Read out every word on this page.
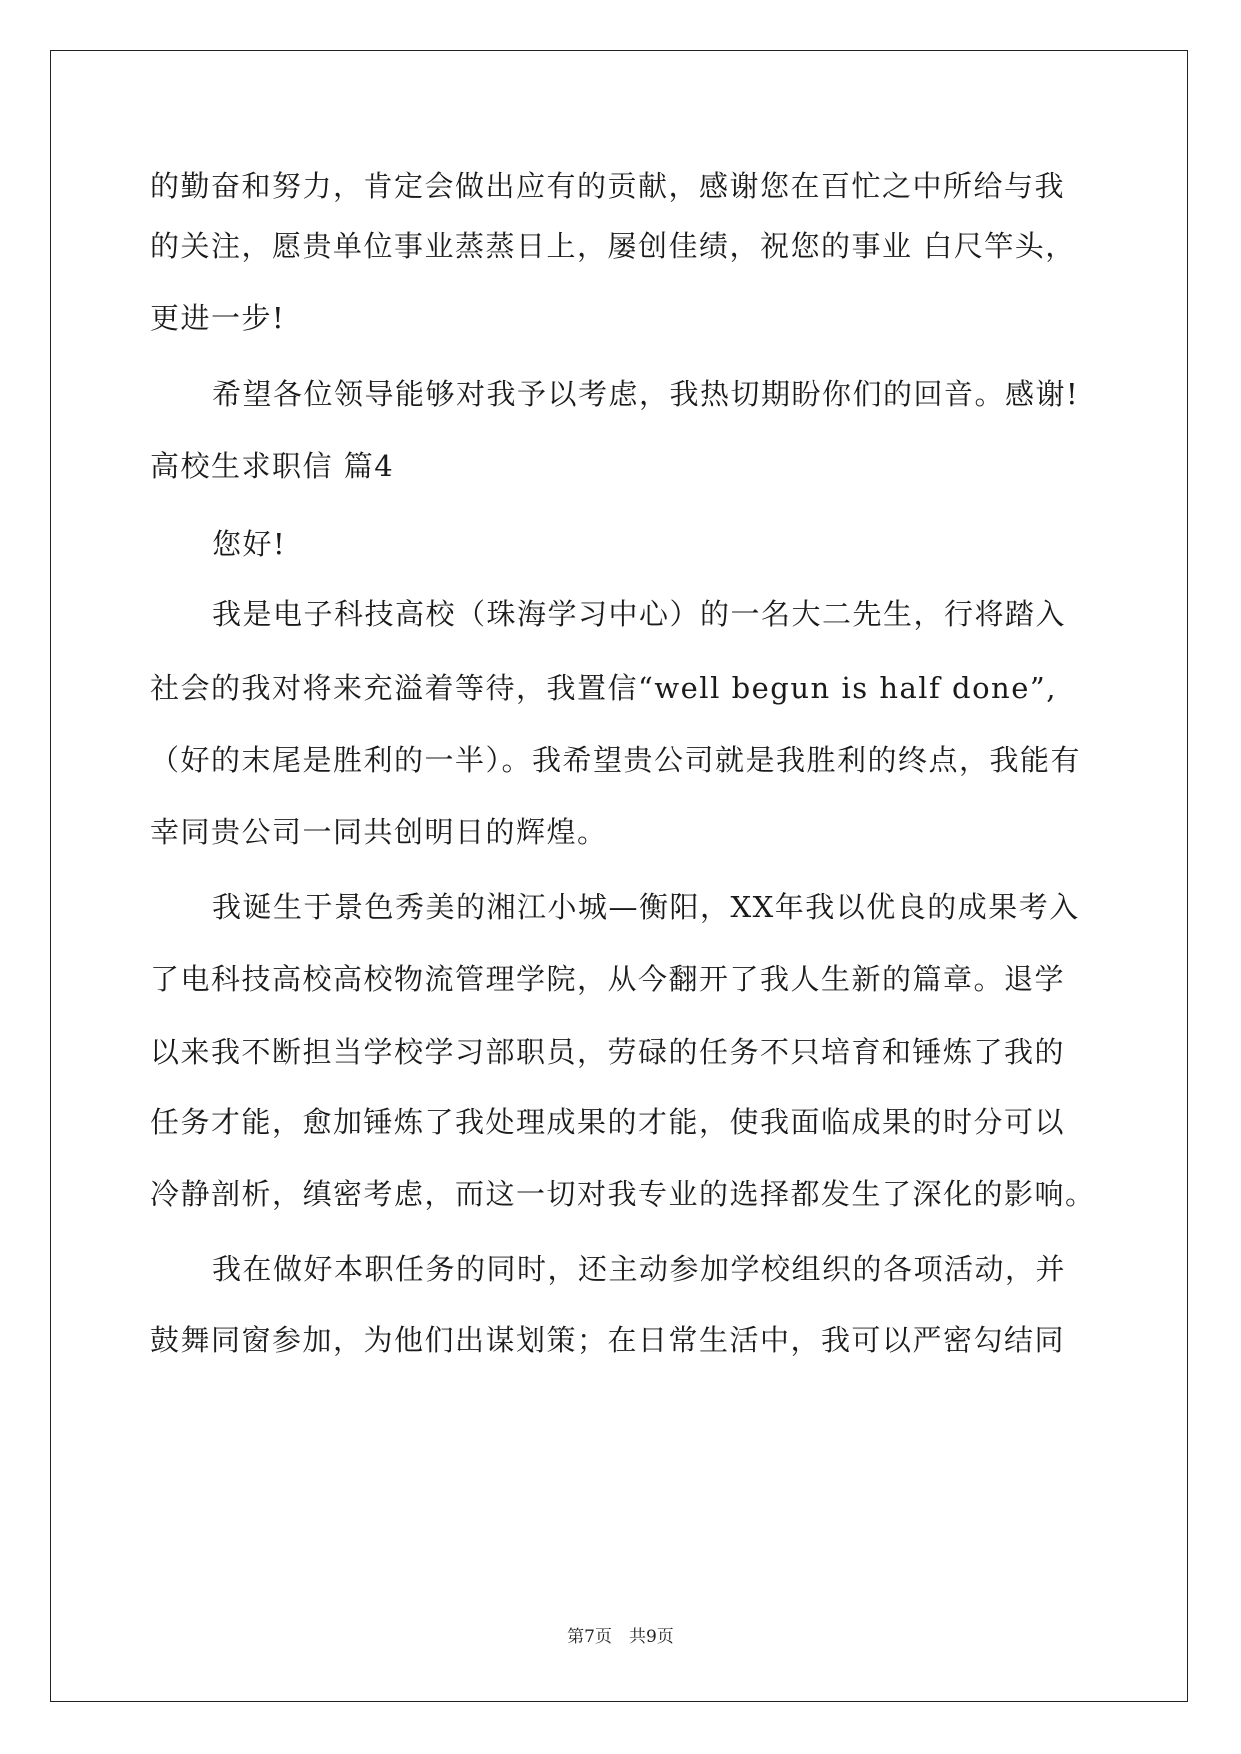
的勤奋和努力，肯定会做出应有的贡献，感谢您在百忙之中所给与我
的关注，愿贵单位事业蒸蒸日上，屡创佳绩，祝您的事业 白尺竿头，
更进一步!
希望各位领导能够对我予以考虑，我热切期盼你们的回音。感谢!
高校生求职信 篇4
您好!
我是电子科技高校（珠海学习中心）的一名大二先生，行将踏入
社会的我对将来充溢着等待，我置信“well begun is half done”,
（好的末尾是胜利的一半）。我希望贵公司就是我胜利的终点，我能有
幸同贵公司一同共创明日的辉煌。
我诞生于景色秀美的湘江小城—衡阳，XX年我以优良的成果考入
了电科技高校高校物流管理学院，从今翻开了我人生新的篇章。退学
以来我不断担当学校学习部职员，劳碌的任务不只培育和锤炼了我的
任务才能，愈加锤炼了我处理成果的才能，使我面临成果的时分可以
冷静剖析，缜密考虑，而这一切对我专业的选择都发生了深化的影响。
我在做好本职任务的同时，还主动参加学校组织的各项活动，并
鼓舞同窗参加，为他们出谋划策；在日常生活中，我可以严密勾结同
第7页　共9页
